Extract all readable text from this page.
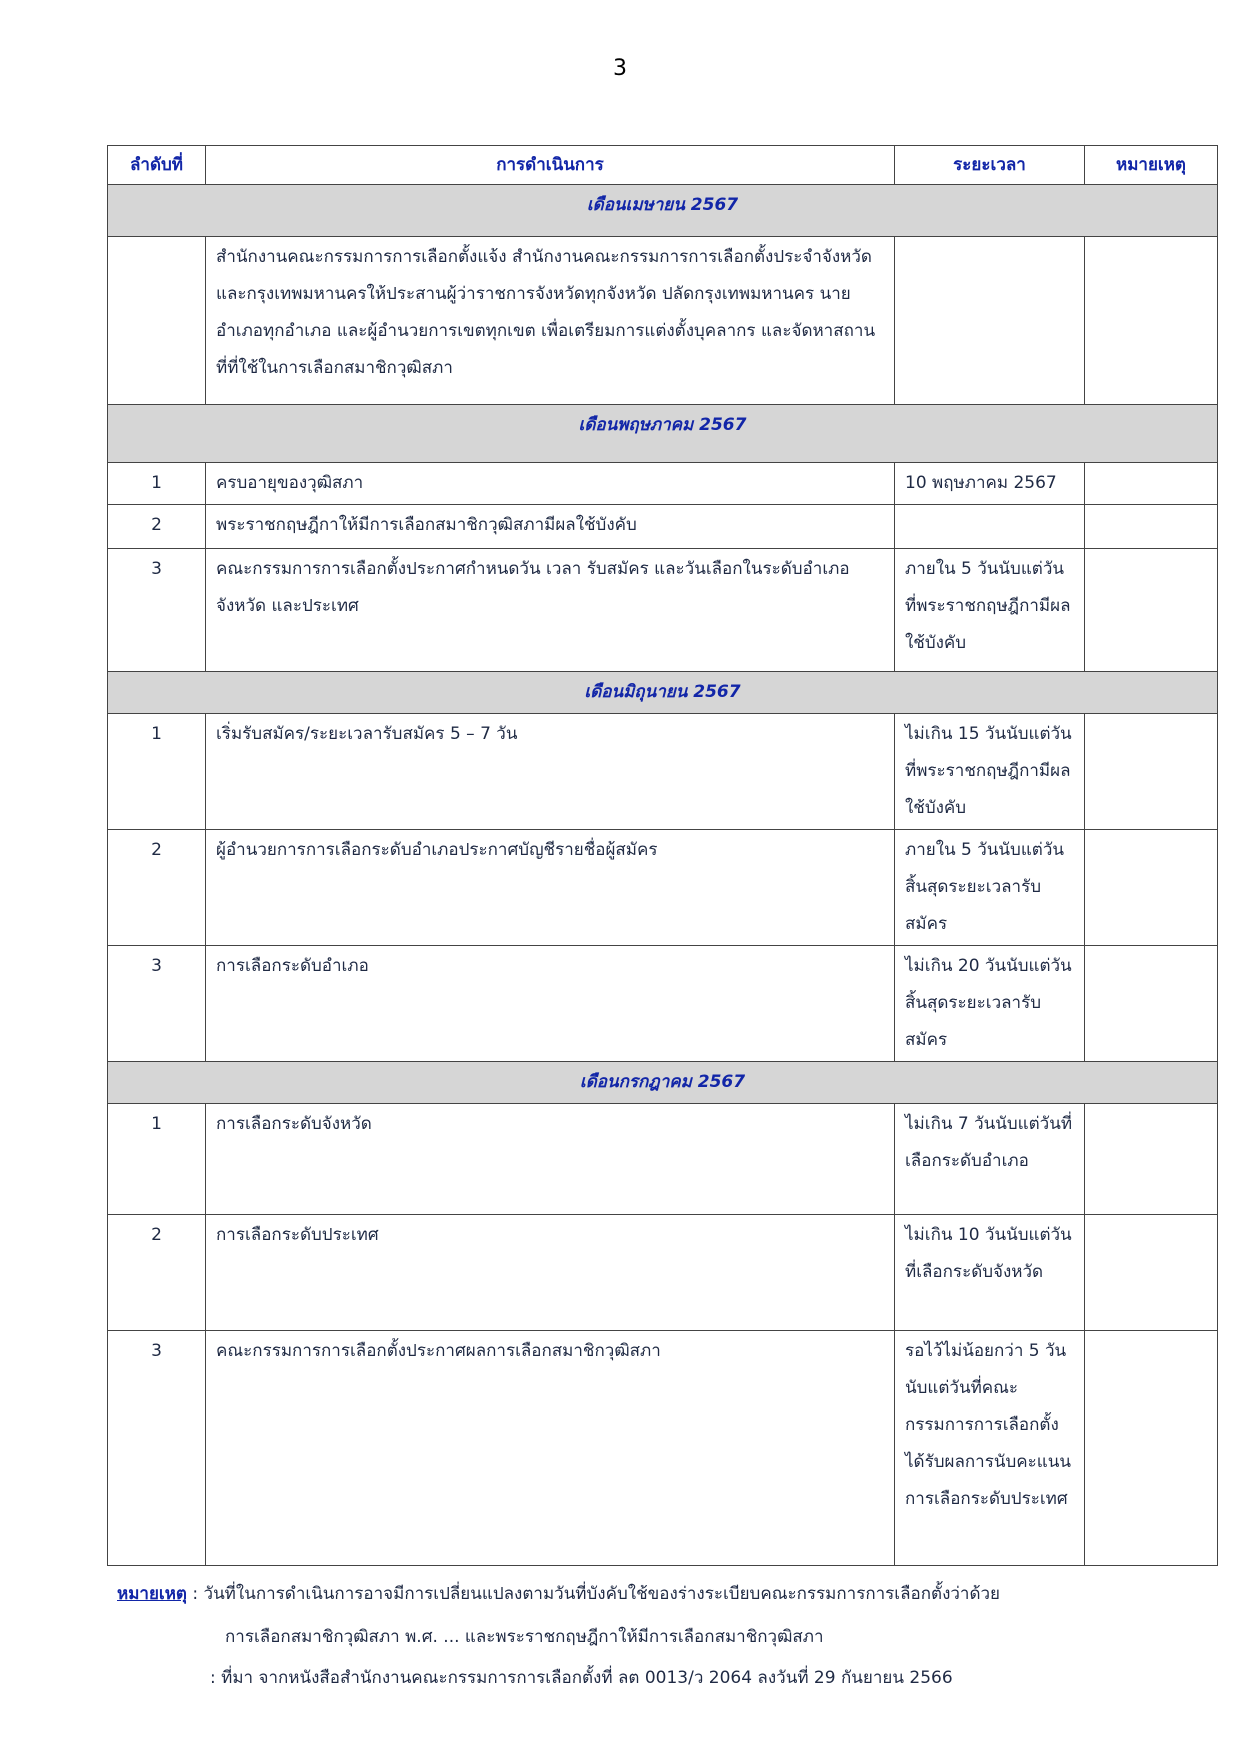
3
ลำดับที่	การดำเนินการ	ระยะเวลา	หมายเหตุ
เดือนเมษายน 2567			
	สำนักงานคณะกรรมการการเลือกตั้งแจ้ง สำนักงานคณะกรรมการการเลือกตั้งประจำจังหวัดและกรุงเทพมหานครให้ประสานผู้ว่าราชการจังหวัดทุกจังหวัด ปลัดกรุงเทพมหานคร นายอำเภอทุกอำเภอ และผู้อำนวยการเขตทุกเขต เพื่อเตรียมการแต่งตั้งบุคลากร และจัดหาสถานที่ที่ใช้ในการเลือกสมาชิกวุฒิสภา		
เดือนพฤษภาคม 2567			
1	ครบอายุของวุฒิสภา	10 พฤษภาคม 2567	
2	พระราชกฤษฎีกาให้มีการเลือกสมาชิกวุฒิสภามีผลใช้บังคับ		
3	คณะกรรมการการเลือกตั้งประกาศกำหนดวัน เวลา รับสมัคร และวันเลือกในระดับอำเภอ จังหวัด และประเทศ	ภายใน 5 วันนับแต่วันที่พระราชกฤษฎีกามีผลใช้บังคับ	
เดือนมิถุนายน 2567			
1	เริ่มรับสมัคร/ระยะเวลารับสมัคร 5 – 7 วัน	ไม่เกิน 15 วันนับแต่วันที่พระราชกฤษฎีกามีผลใช้บังคับ	
2	ผู้อำนวยการการเลือกระดับอำเภอประกาศบัญชีรายชื่อผู้สมัคร	ภายใน 5 วันนับแต่วันสิ้นสุดระยะเวลารับสมัคร	
3	การเลือกระดับอำเภอ	ไม่เกิน 20 วันนับแต่วันสิ้นสุดระยะเวลารับสมัคร	
เดือนกรกฎาคม 2567			
1	การเลือกระดับจังหวัด	ไม่เกิน 7 วันนับแต่วันที่เลือกระดับอำเภอ	
2	การเลือกระดับประเทศ	ไม่เกิน 10 วันนับแต่วันที่เลือกระดับจังหวัด	
3	คณะกรรมการการเลือกตั้งประกาศผลการเลือกสมาชิกวุฒิสภา	รอไว้ไม่น้อยกว่า 5 วัน นับแต่วันที่คณะกรรมการการเลือกตั้งได้รับผลการนับคะแนนการเลือกระดับประเทศ	
หมายเหตุ : วันที่ในการดำเนินการอาจมีการเปลี่ยนแปลงตามวันที่บังคับใช้ของร่างระเบียบคณะกรรมการการเลือกตั้งว่าด้วย
การเลือกสมาชิกวุฒิสภา พ.ศ. ... และพระราชกฤษฎีกาให้มีการเลือกสมาชิกวุฒิสภา
: ที่มา จากหนังสือสำนักงานคณะกรรมการการเลือกตั้งที่ ลต 0013/ว 2064 ลงวันที่ 29 กันยายน 2566
